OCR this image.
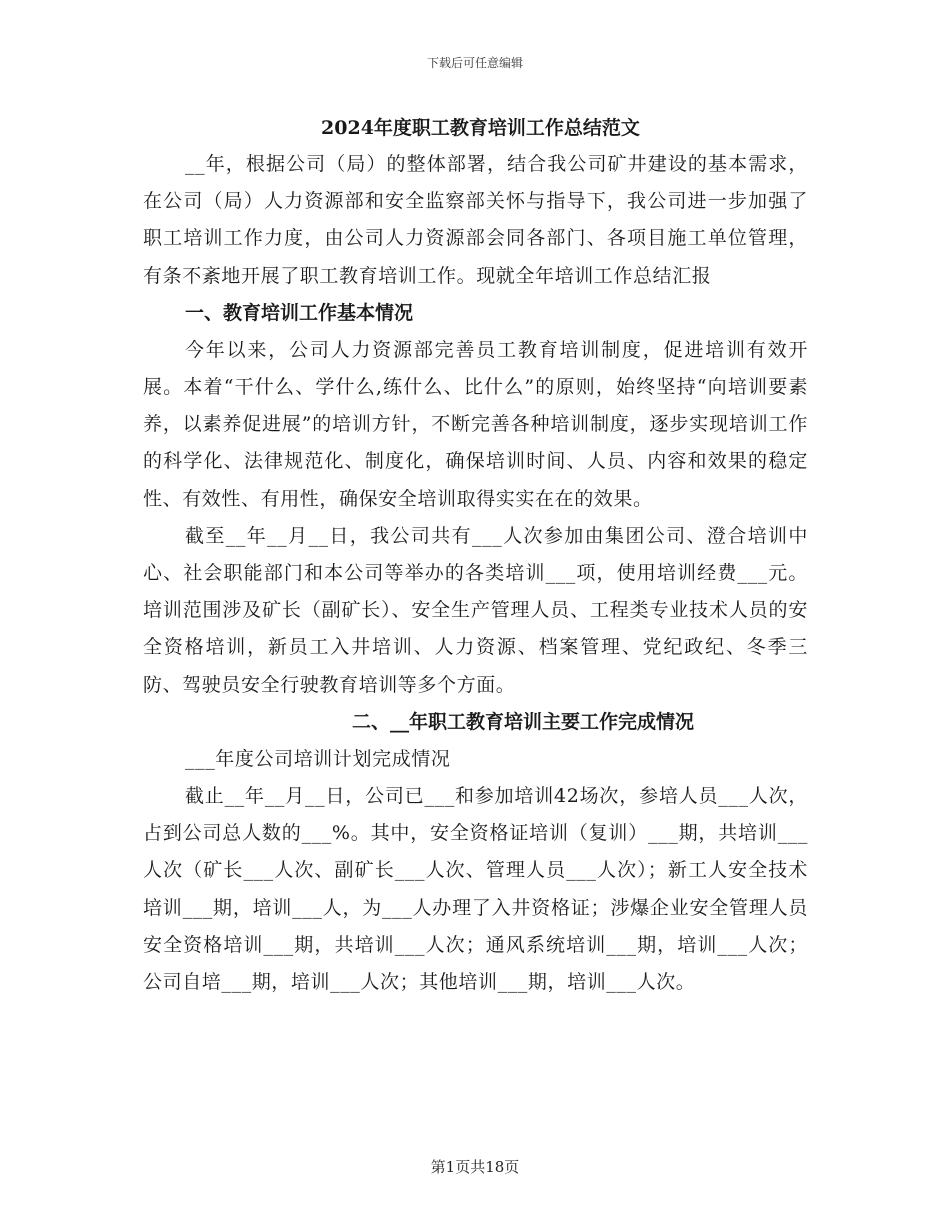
下载后可任意编辑
2024年度职工教育培训工作总结范文

__年，根据公司（局）的整体部署，结合我公司矿井建设的基本需求，在公司（局）人力资源部和安全监察部关怀与指导下，我公司进一步加强了职工培训工作力度，由公司人力资源部会同各部门、各项目施工单位管理，有条不紊地开展了职工教育培训工作。现就全年培训工作总结汇报

一、教育培训工作基本情况

今年以来，公司人力资源部完善员工教育培训制度，促进培训有效开展。本着“干什么、学什么,练什么、比什么”的原则，始终坚持“向培训要素养，以素养促进展”的培训方针，不断完善各种培训制度，逐步实现培训工作的科学化、法律规范化、制度化，确保培训时间、人员、内容和效果的稳定性、有效性、有用性，确保安全培训取得实实在在的效果。

截至__年__月__日，我公司共有___人次参加由集团公司、澄合培训中心、社会职能部门和本公司等举办的各类培训___项，使用培训经费___元。培训范围涉及矿长（副矿长）、安全生产管理人员、工程类专业技术人员的安全资格培训，新员工入井培训、人力资源、档案管理、党纪政纪、冬季三防、驾驶员安全行驶教育培训等多个方面。

二、__年职工教育培训主要工作完成情况

___年度公司培训计划完成情况

截止__年__月__日，公司已___和参加培训42场次，参培人员___人次，占到公司总人数的___%。其中，安全资格证培训（复训）___期，共培训___人次（矿长___人次、副矿长___人次、管理人员___人次）；新工人安全技术培训___期，培训___人，为___人办理了入井资格证；涉爆企业安全管理人员安全资格培训___期，共培训___人次；通风系统培训___期，培训___人次；公司自培___期，培训___人次；其他培训___期，培训___人次。

第1页共18页
